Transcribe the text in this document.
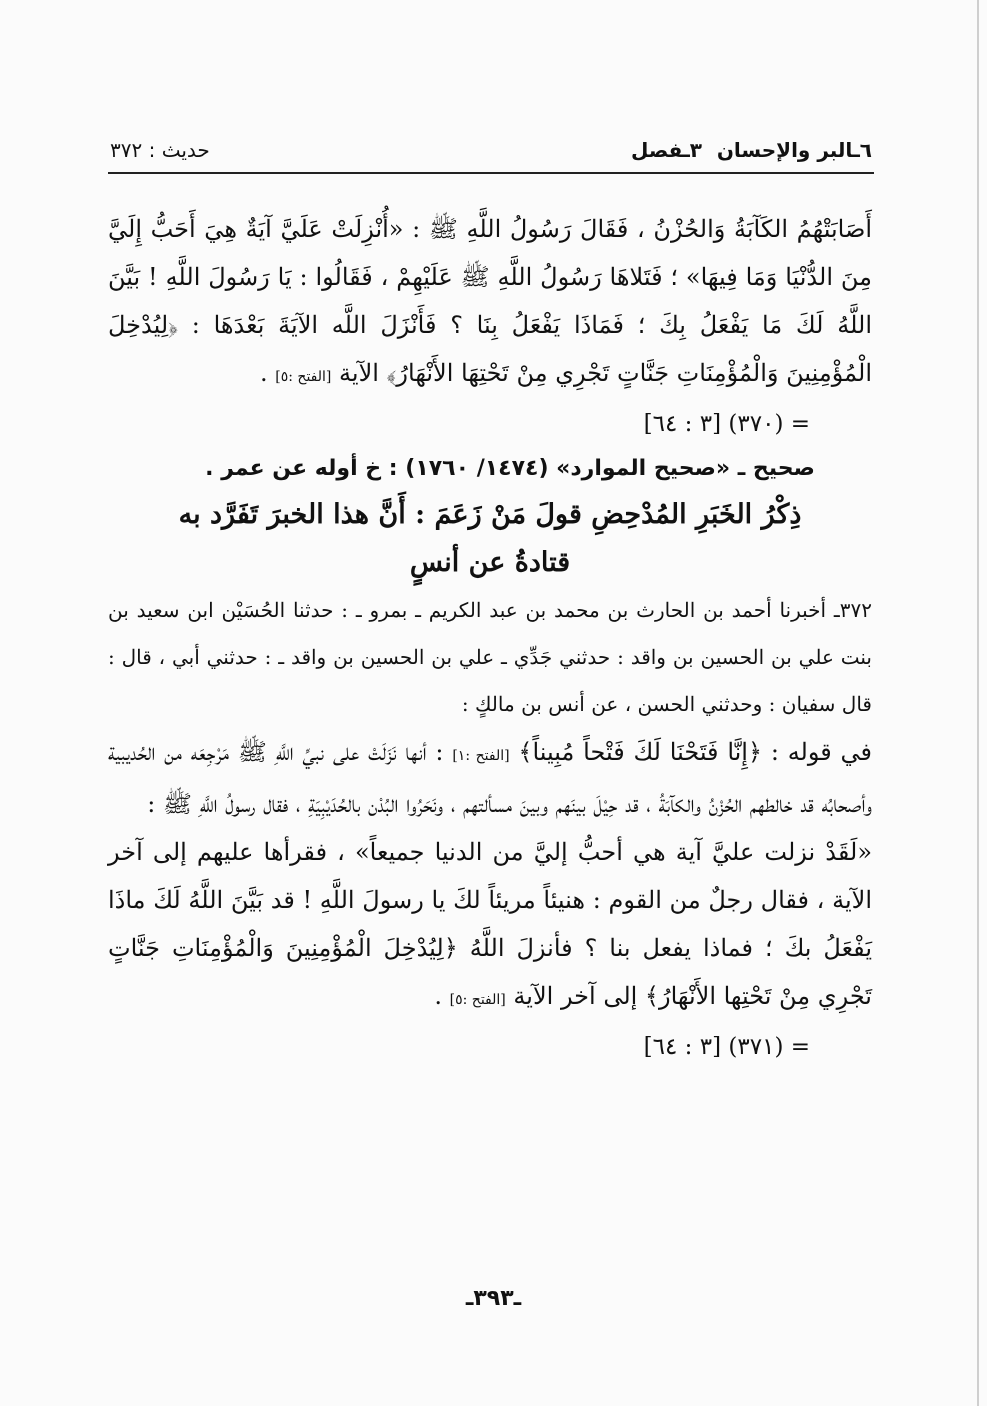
٦ـالبر والإحسان
٣ـفصل
حديث : ٣٧٢

أَصَابَتْهُمُ الكَآبَةُ وَالحُزْنُ ، فَقَالَ رَسُولُ اللَّهِ ﷺ : «أُنْزِلَتْ عَلَيَّ آيَةٌ هِيَ أَحَبُّ إِلَيَّ مِنَ الدُّنْيَا وَمَا فِيهَا» ؛ فَتَلاهَا رَسُولُ اللَّهِ ﷺ عَلَيْهِمْ ، فَقَالُوا : يَا رَسُولَ اللَّهِ ! بَيَّنَ اللَّهُ لَكَ مَا يَفْعَلُ بِكَ ؛ فَمَاذَا يَفْعَلُ بِنَا ؟ فَأَنْزَلَ اللَّه الآيَةَ بَعْدَهَا : ﴿لِيُدْخِلَ الْمُؤْمِنِينَ وَالْمُؤْمِنَاتِ جَنَّاتٍ تَجْرِي مِنْ تَحْتِهَا الأَنْهَارُ﴾ الآية [الفتح :٥] .

= (٣٧٠) [٣ : ٦٤]

صحيح ـ «صحيح الموارد» (١٤٧٤/ ١٧٦٠) : خ أوله عن عمر .

ذِكْرُ الخَبَرِ المُدْحِضِ قولَ مَنْ زَعَمَ : أَنَّ هذا الخبرَ تَفَرَّد به

قتادةُ عن أنسٍ

٣٧٢ـ أخبرنا أحمد بن الحارث بن محمد بن عبد الكريم ـ بمرو ـ : حدثنا الحُسَيْن ابن سعيد بن بنت علي بن الحسين بن واقد : حدثني جَدِّي ـ علي بن الحسين بن واقد ـ : حدثني أبي ، قال : قال سفيان : وحدثني الحسن ، عن أنس بن مالكٍ :

في قوله : ﴿إِنَّا فَتَحْنَا لَكَ فَتْحاً مُبِيناً﴾ [الفتح :١] : أنها نَزَلَتْ على نبيِّ اللَّهِ ﷺ مَرْجِعَه من الحُديبية وأصحابُه قد خالطهم الحُزْنُ والكآبَةُ ، قد حِيْلَ بينَهم وبينَ مسألتهم ، ونَحَرُوا البُدْن بالحُدَيْبِيَةِ ، فقال رسولُ اللَّهِ ﷺ :

«لَقَدْ نزلت عليَّ آية هي أحبُّ إليَّ من الدنيا جميعاً» ، فقرأها عليهم إلى آخر الآية ، فقال رجلٌ من القوم : هنيئاً مريئاً لكَ يا رسولَ اللَّهِ ! قد بَيَّنَ اللَّهُ لَكَ ماذَا يَفْعَلُ بكَ ؛ فماذا يفعل بنا ؟ فأنزلَ اللَّهُ ﴿لِيُدْخِلَ الْمُؤْمِنِينَ وَالْمُؤْمِنَاتِ جَنَّاتٍ تَجْرِي مِنْ تَحْتِها الأَنْهَارُ﴾ إلى آخر الآية [الفتح :٥] .

= (٣٧١) [٣ : ٦٤]

ـ٣٩٣ـ
